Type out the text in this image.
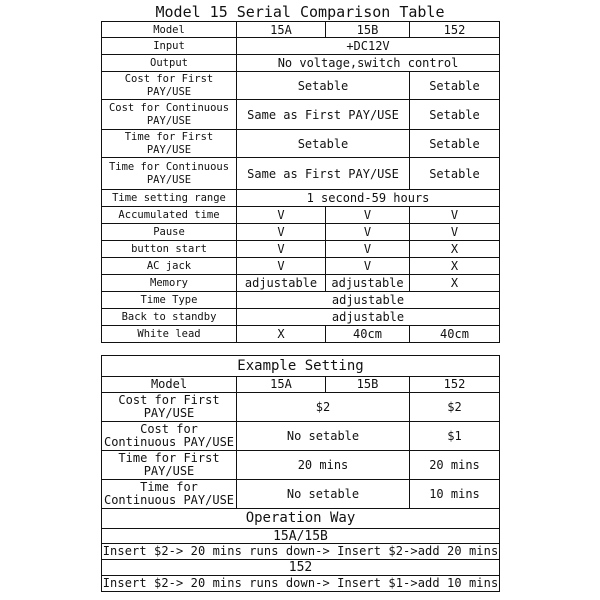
Model 15 Serial Comparison Table
Model	15A	15B	152
Input	+DC12V		
Output	No voltage,switch control		
Cost for First PAY/USE	Setable		Setable
Cost for Continuous PAY/USE	Same as First PAY/USE		Setable
Time for First PAY/USE	Setable		Setable
Time for Continuous PAY/USE	Same as First PAY/USE		Setable
Time setting range	1 second-59 hours		
Accumulated time	V	V	V
Pause	V	V	V
button start	V	V	X
AC jack	V	V	X
Memory	adjustable	adjustable	X
Time Type	adjustable		
Back to standby	adjustable		
White lead	X	40cm	40cm
Example Setting			
Model	15A	15B	152
Cost for First PAY/USE	$2		$2
Cost for Continuous PAY/USE	No setable		$1
Time for First PAY/USE	20 mins		20 mins
Time for Continuous PAY/USE	No setable		10 mins
Operation Way			
15A/15B			
Insert $2-> 20 mins runs down-> Insert $2->add 20 mins			
152			
Insert $2-> 20 mins runs down-> Insert $1->add 10 mins			
